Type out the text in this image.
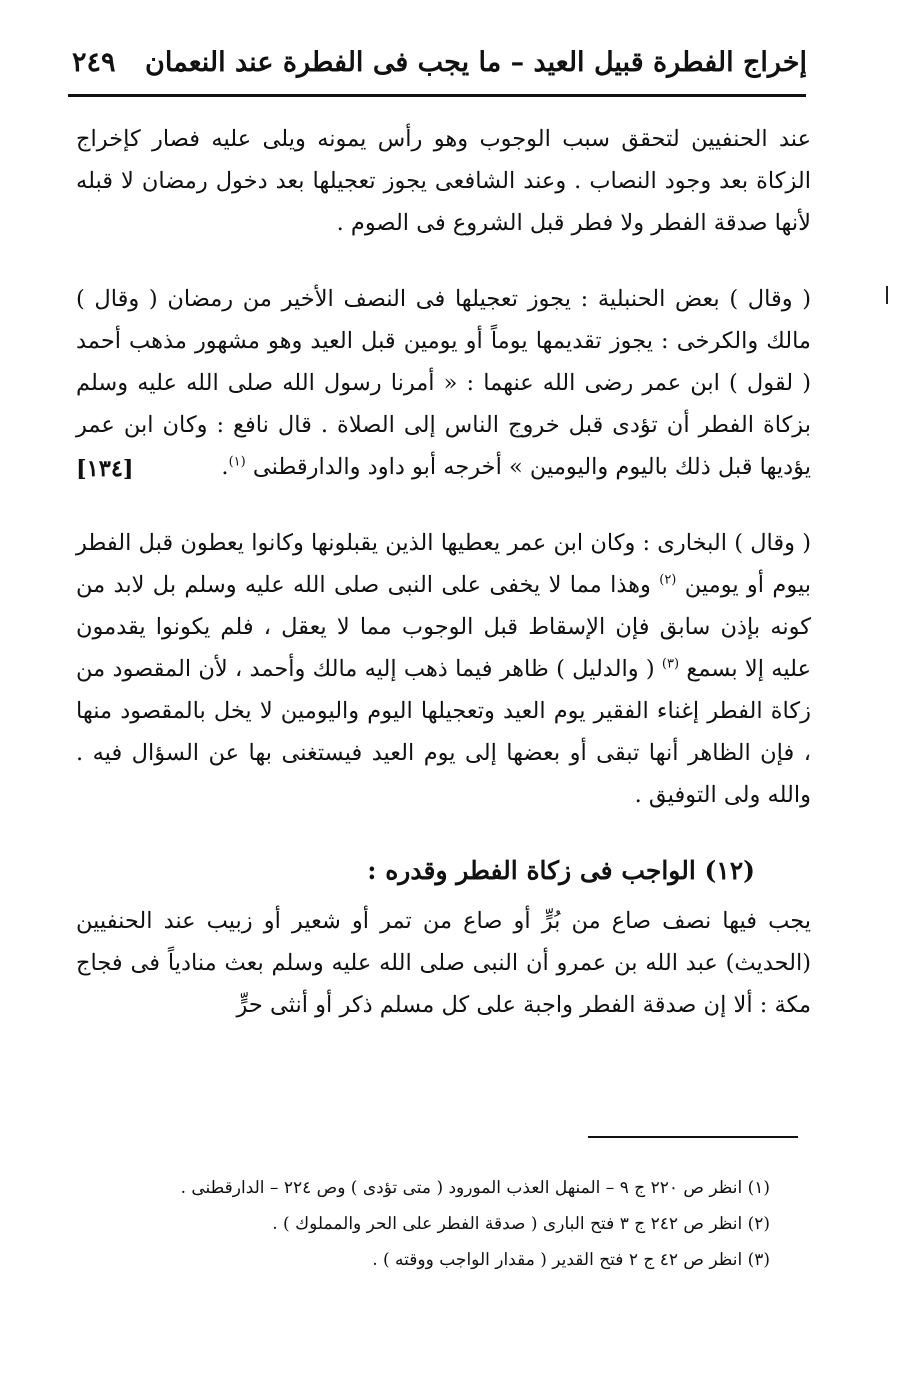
إخراج الفطرة قبيل العيد – ما يجب فى الفطرة عند النعمان
٢٤٩

عند الحنفيين لتحقق سبب الوجوب وهو رأس يمونه ويلى عليه فصار كإخراج الزكاة بعد وجود النصاب . وعند الشافعى يجوز تعجيلها بعد دخول رمضان لا قبله لأنها صدقة الفطر ولا فطر قبل الشروع فى الصوم .

( وقال ) بعض الحنبلية : يجوز تعجيلها فى النصف الأخير من رمضان ( وقال ) مالك والكرخى : يجوز تقديمها يوماً أو يومين قبل العيد وهو مشهور مذهب أحمد ( لقول ) ابن عمر رضى الله عنهما : « أمرنا رسول الله صلى الله عليه وسلم بزكاة الفطر أن تؤدى قبل خروج الناس إلى الصلاة . قال نافع : وكان ابن عمر يؤديها قبل ذلك باليوم واليومين » أخرجه أبو داود والدارقطنى $^{(١)}$.
[١٣٤]

( وقال ) البخارى : وكان ابن عمر يعطيها الذين يقبلونها وكانوا يعطون قبل الفطر بيوم أو يومين $^{(٢)}$ وهذا مما لا يخفى على النبى صلى الله عليه وسلم بل لابد من كونه بإذن سابق فإن الإسقاط قبل الوجوب مما لا يعقل ، فلم يكونوا يقدمون عليه إلا بسمع $^{(٣)}$ ( والدليل ) ظاهر فيما ذهب إليه مالك وأحمد ، لأن المقصود من زكاة الفطر إغناء الفقير يوم العيد وتعجيلها اليوم واليومين لا يخل بالمقصود منها ، فإن الظاهر أنها تبقى أو بعضها إلى يوم العيد فيستغنى بها عن السؤال فيه . والله ولى التوفيق .

(١٢) الواجب فى زكاة الفطر وقدره :

يجب فيها نصف صاع من بُرٍّ أو صاع من تمر أو شعير أو زبيب عند الحنفيين (الحديث) عبد الله بن عمرو أن النبى صلى الله عليه وسلم بعث منادياً فى فجاج مكة : ألا إن صدقة الفطر واجبة على كل مسلم ذكر أو أنثى حرٍّ

(١) انظر ص ٢٢٠ ج ٩ – المنهل العذب المورود ( متى تؤدى ) وص ٢٢٤ – الدارقطنى .
(٢) انظر ص ٢٤٢ ج ٣ فتح البارى ( صدقة الفطر على الحر والمملوك ) .
(٣) انظر ص ٤٢ ج ٢ فتح القدير ( مقدار الواجب ووقته ) .
